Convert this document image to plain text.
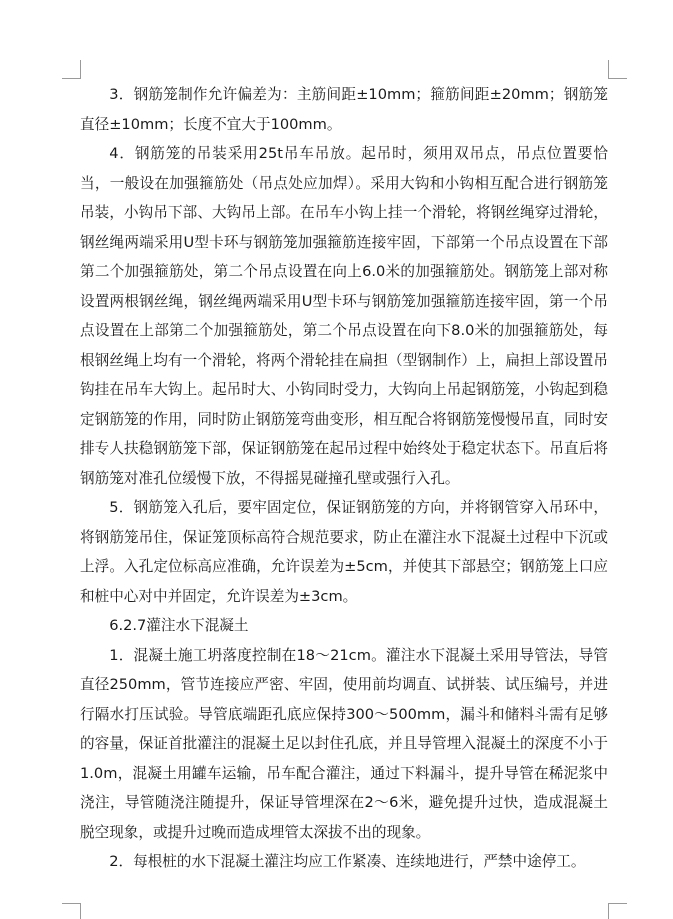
3．钢筋笼制作允许偏差为：主筋间距±10mm；箍筋间距±20mm；钢筋笼直径±10mm；长度不宜大于100mm。

4．钢筋笼的吊装采用25t吊车吊放。起吊时，须用双吊点，吊点位置要恰当，一般设在加强箍筋处（吊点处应加焊）。采用大钩和小钩相互配合进行钢筋笼吊装，小钩吊下部、大钩吊上部。在吊车小钩上挂一个滑轮，将钢丝绳穿过滑轮，钢丝绳两端采用U型卡环与钢筋笼加强箍筋连接牢固，下部第一个吊点设置在下部第二个加强箍筋处，第二个吊点设置在向上6.0米的加强箍筋处。钢筋笼上部对称设置两根钢丝绳，钢丝绳两端采用U型卡环与钢筋笼加强箍筋连接牢固，第一个吊点设置在上部第二个加强箍筋处，第二个吊点设置在向下8.0米的加强箍筋处，每根钢丝绳上均有一个滑轮，将两个滑轮挂在扁担（型钢制作）上，扁担上部设置吊钩挂在吊车大钩上。起吊时大、小钩同时受力，大钩向上吊起钢筋笼，小钩起到稳定钢筋笼的作用，同时防止钢筋笼弯曲变形，相互配合将钢筋笼慢慢吊直，同时安排专人扶稳钢筋笼下部，保证钢筋笼在起吊过程中始终处于稳定状态下。吊直后将钢筋笼对准孔位缓慢下放，不得摇晃碰撞孔壁或强行入孔。

5．钢筋笼入孔后，要牢固定位，保证钢筋笼的方向，并将钢管穿入吊环中，将钢筋笼吊住，保证笼顶标高符合规范要求，防止在灌注水下混凝土过程中下沉或上浮。入孔定位标高应准确，允许误差为±5cm，并使其下部悬空；钢筋笼上口应和桩中心对中并固定，允许误差为±3cm。

6.2.7灌注水下混凝土

1．混凝土施工坍落度控制在18～21cm。灌注水下混凝土采用导管法，导管直径250mm，管节连接应严密、牢固，使用前均调直、试拼装、试压编号，并进行隔水打压试验。导管底端距孔底应保持300～500mm，漏斗和储料斗需有足够的容量，保证首批灌注的混凝土足以封住孔底，并且导管埋入混凝土的深度不小于1.0m，混凝土用罐车运输，吊车配合灌注，通过下料漏斗，提升导管在稀泥浆中浇注，导管随浇注随提升，保证导管埋深在2～6米，避免提升过快，造成混凝土脱空现象，或提升过晚而造成埋管太深拔不出的现象。

2．每根桩的水下混凝土灌注均应工作紧凑、连续地进行，严禁中途停工。
